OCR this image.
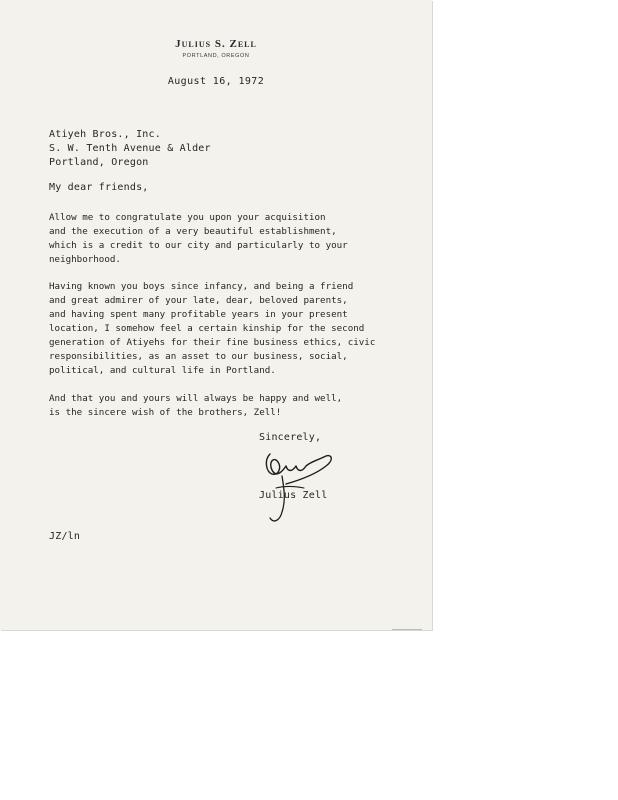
Julius S. Zell
PORTLAND, OREGON
August 16, 1972
Atiyeh Bros., Inc.
S. W. Tenth Avenue & Alder
Portland, Oregon
My dear friends,
Allow me to congratulate you upon your acquisition
and the execution of a very beautiful establishment,
which is a credit to our city and particularly to your
neighborhood.
Having known you boys since infancy, and being a friend
and great admirer of your late, dear, beloved parents,
and having spent many profitable years in your present
location, I somehow feel a certain kinship for the second
generation of Atiyehs for their fine business ethics, civic
responsibilities, as an asset to our business, social,
political, and cultural life in Portland.
And that you and yours will always be happy and well,
is the sincere wish of the brothers, Zell!
Sincerely,
Julius Zell
JZ/ln
